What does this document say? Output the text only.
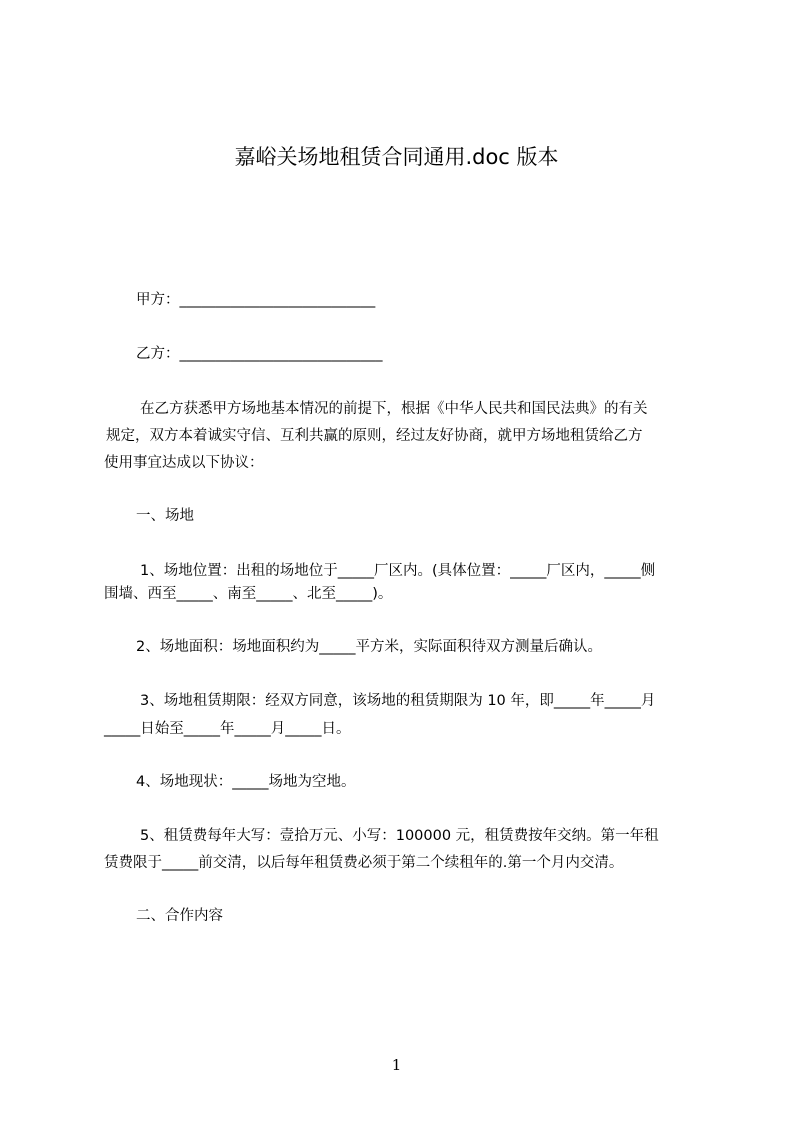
嘉峪关场地租赁合同通用.doc 版本
甲方：___________________________
乙方：____________________________
在乙方获悉甲方场地基本情况的前提下，根据《中华人民共和国民法典》的有关
规定，双方本着诚实守信、互利共赢的原则，经过友好协商，就甲方场地租赁给乙方
使用事宜达成以下协议：
一、场地
1、场地位置：出租的场地位于_____厂区内。(具体位置：_____厂区内，_____侧
围墙、西至_____、南至_____、北至_____)。
2、场地面积：场地面积约为_____平方米，实际面积待双方测量后确认。
3、场地租赁期限：经双方同意，该场地的租赁期限为 10 年，即_____年_____月
_____日始至_____年_____月_____日。
4、场地现状：_____场地为空地。
5、租赁费每年大写：壹拾万元、小写：100000 元，租赁费按年交纳。第一年租
赁费限于_____前交清，以后每年租赁费必须于第二个续租年的.第一个月内交清。
二、合作内容
1
